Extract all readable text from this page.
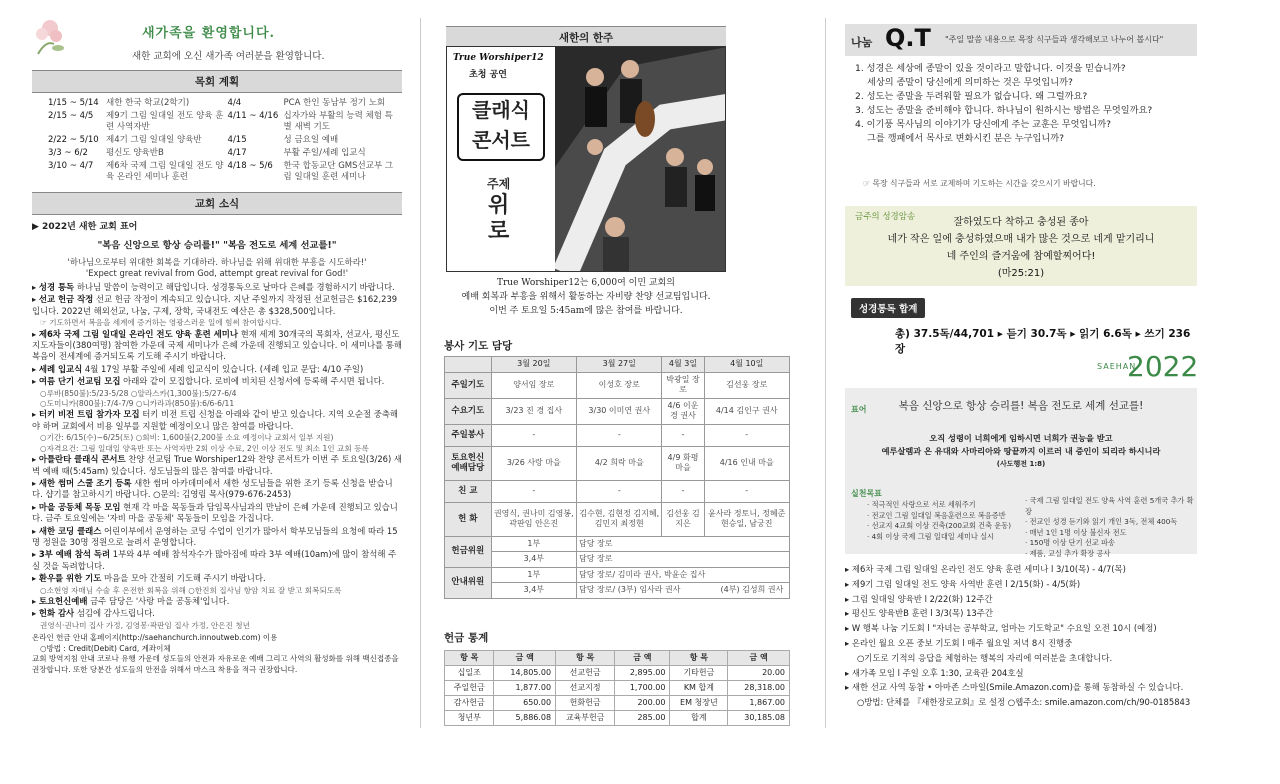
새가족을 환영합니다.
새한 교회에 오신 새가족 여러분을 환영합니다.
목회 계획
1/15 ~ 5/14	새한 한국 학교(2학기)	4/4	PCA 한인 동남부 정기 노회
2/15 ~ 4/5	제9기 그림 일대일 전도 양육 훈련 사역자반	4/11 ~ 4/16	십자가와 부활의 능력 체험 특별 새벽 기도
2/22 ~ 5/10	제4기 그림 일대일 양육반	4/15	성 금요일 예배
3/3 ~ 6/2	평신도 양육반B	4/17	부활 주일/세례 입교식
3/10 ~ 4/7	제6차 국제 그림 일대일 전도 양육 온라인 세미나 훈련	4/18 ~ 5/6	한국 합동교단 GMS선교부 그림 일대일 훈련 세미나
교회 소식
▶ 2022년 새한 교회 표어
"복음 신앙으로 항상 승리를!" "복음 전도로 세계 선교를!"
'하나님으로부터 위대한 회복을 기대하라. 하나님을 위해 위대한 부흥을 시도하라!'
'Expect great revival from God, attempt great revival for God!'
▸ 성경 통독 하나님 말씀이 능력이고 해답입니다. 성경통독으로 날마다 은혜를 경험하시기 바랍니다.
▸ 선교 헌금 작정 선교 헌금 작정이 계속되고 있습니다. 지난 주일까지 작정된 선교헌금은 $162,239 입니다. 2022년 해외선교, 나눔, 구제, 장학, 국내전도 예산은 총 $328,500입니다.
☞ 기도하면서 복음을 세계에 증거하는 영광스러운 일에 힘써 참여합시다.
▸ 제6차 국제 그림 일대일 온라인 전도 양육 훈련 세미나 현재 세계 30개국의 목회자, 선교사, 평신도 지도자들이(380여명) 참여한 가운데 국제 세미나가 은혜 가운데 진행되고 있습니다. 이 세미나를 통해 복음이 전세계에 증거되도록 기도해 주시기 바랍니다.
▸ 세례 입교식 4월 17일 부활 주일에 세례 입교식이 있습니다. (세례 입교 문답: 4/10 주일)
▸ 여름 단기 선교팀 모집 아래와 같이 모집합니다. 로비에 비치된 신청서에 등록해 주시면 됩니다.
○루바(850불):5/23-5/28 ○알라스카(1,300불):5/27-6/4
○도미니카(800불):7/4-7/9 ○니카라과(850불):6/6-6/11
▸ 터키 비전 트립 참가자 모집 터키 비전 트립 신청을 아래와 같이 받고 있습니다. 지역 오순절 중축해야 하며 교회에서 비용 일부를 지원할 예정이오니 많은 참여를 바랍니다.
○기간: 6/15(수)~6/25(토) ○회비: 1,600불(2,200불 소요 예정이나 교회서 일부 지원)
○자격요건: 그림 일대일 양육반 또는 사역자반 2회 이상 수료, 2인 이상 전도 및 최소 1인 교회 등록
▸ 아틀란타 클래식 콘서트 찬양 선교팀 True Worshiper12와 찬양 콘서트가 이번 주 토요일(3/26) 새벽 예배 때(5:45am) 있습니다. 성도님들의 많은 참여를 바랍니다.
▸ 새한 썸머 스쿨 조기 등록 새한 썸머 아카데미에서 새한 성도님들을 위한 조기 등록 신청을 받습니다. 샵기를 참고하시기 바랍니다. ○문의: 김영림 목사(979-676-2453)
▸ 마을 공동체 목동 모임 현재 각 마을 목동들과 담임목사님과의 만남이 은혜 가운데 진행되고 있습니다. 금주 토요일에는 '자비 마을 공동체' 목동들이 모임을 가집니다.
▸ 새한 코딩 클래스 어린이부에서 운영하는 코딩 수업이 인기가 많아서 학부모님들의 요청에 따라 15명 정원을 30명 정원으로 늘려서 운영합니다.
▸ 3부 예배 참석 독려 1부와 4부 예배 참석자수가 많아짐에 따라 3부 예배(10am)에 많이 참석해 주실 것을 독려합니다.
▸ 환우를 위한 기도 마음을 모아 간절히 기도해 주시기 바랍니다.
○소현영 자매님 수술 후 온전한 회복을 위해 ○한진희 집사님 항암 치료 잘 받고 회복되도록
▸ 토요헌신예배 금주 담당은 '사랑 마을 공동체'입니다.
▸ 헌화 감사 섬김에 감사드립니다.
권영식·권나미 집사 가정, 김영봉·곽판임 집사 가정, 안은진 청년
온라인 헌금 안내 홈페이지(http://saehanchurch.innoutweb.com) 이용
○방법 : Credit(Debit) Card, 계좌이체
교회 방역지침 안내 코로나 유행 가운데 성도들의 안전과 자유로운 예배 그리고 사역의 활성화를 위해 백신접종을 권장합니다. 또한 당분간 성도들의 안전을 위해서 마스크 착용을 적극 권장합니다.
새한의 한주
True Worshiper12
초청 공연
클래식 콘서트
주제
위
로
True Worshiper12는 6,000여 이민 교회의
예배 회복과 부흥을 위해서 활동하는 자비량 찬양 선교팀입니다.
이번 주 토요일 5:45am에 많은 참여를 바랍니다.
봉사 기도 담당
	3월 20일	3월 27일	4월 3일	4월 10일
주일기도	양서임 장로	이성호 장로	박광일 장로	김선웅 장로
수요기도	3/23 진 경 집사	3/30 이미연 권사	4/6 이운경 권사	4/14 김인구 권사
주일봉사	-	-	-	-
토요헌신 예배담당	3/26 사랑 마을	4/2 희락 마을	4/9 화평 마을	4/16 인내 마을
친 교	-	-	-	-
헌 화	권영식, 권나미 김영봉, 곽판임 안은진	김수현, 김현정 김지혜, 김민지 최정현	김선웅 김지은	윤사라 정토니, 정혜준 현승일, 남궁진
헌금위원	1부	담당 장로		
	3,4부	담당 장로		
안내위원	1부	담당 장로/ 김미라 권사, 박윤순 집사		
	3,4부	담당 장로/ (3부) 임사라 권사 (4부) 김성희 권사		
헌금 통계
항 목	금 액	항 목	금 액	항 목	금 액
십일조	14,805.00	선교헌금	2,895.00	기타헌금	20.00
주일헌금	1,877.00	선교지정	1,700.00	KM 합계	28,318.00
감사헌금	650.00	헌화헌금	200.00	EM 청장년	1,867.00
청년부	5,886.08	교육부헌금	285.00	합계	30,185.08
나눔 Q.T "주일 말씀 내용으로 목장 식구들과 생각해보고 나누어 봅시다"
1. 성경은 세상에 종말이 있을 것이라고 말합니다. 이것을 믿습니까?
세상의 종말이 당신에게 의미하는 것은 무엇입니까?
2. 성도는 종말을 두려워할 필요가 없습니다. 왜 그럴까요?
3. 성도는 종말을 준비해야 합니다. 하나님이 원하시는 방법은 무엇일까요?
4. 이기풍 목사님의 이야기가 당신에게 주는 교훈은 무엇입니까?
그를 깽패에서 목사로 변화시킨 분은 누구입니까?
☞ 목장 식구들과 서로 교제하며 기도하는 시간을 갖으시기 바랍니다.
금주의 성경암송	잘하였도다 착하고 충성된 종아
네가 작은 일에 충성하였으매 내가 많은 것으로 네게 맡기리니
네 주인의 즐거움에 참예할찌어다!
(마25:21)
성경통독 합계
총) 37.5독/44,701 ▸ 듣기 30.7독 ▸ 읽기 6.6독 ▸ 쓰기 236장
SAEHAN
2022
표어	복음 신앙으로 항상 승리를! 복음 전도로 세계 선교를!
오직 성령이 너희에게 임하시면 너희가 권능을 받고
예루살렘과 온 유대와 사마리아와 땅끝까지 이르러 내 증인이 되리라 하시니라
(사도행전 1:8)
실천목표
· 적극적인 사랑으로 서로 세워주기
· 전교인 그림 일대일 복음훈련으로 복음증반
· 선교지 4교회 이상 건축(200교회 건축 운동)
· 4회 이상 국제 그림 일대일 세미나 실시
· 국제 그림 일대일 전도 양육 사역 훈련 5개국 추가 확장
· 전교인 성경 듣기와 읽기 개인 3독, 전체 400독
· 매년 1인 1명 이상 불신자 전도
· 150명 이상 단기 선교 파송
· 제품, 교실 추가 확장 공사
▸ 제6차 국제 그림 일대일 온라인 전도 양육 훈련 세미나 l 3/10(목) - 4/7(목)
▸ 제9기 그림 일대일 전도 양육 사역반 훈련 l 2/15(화) - 4/5(화)
▸ 그림 일대일 양육반 l 2/22(화) 12주간
▸ 평신도 양육반B 훈련 l 3/3(목) 13주간
▸ W 행복 나눔 기도회 l "자녀는 공부학교, 엄마는 기도학교" 수요일 오전 10시 (예정)
▸ 온라인 월요 오픈 중보 기도회 l 매주 월요일 저녁 8시 진행중
○기도로 기적의 응답을 체험하는 행복의 자리에 여러분을 초대합니다.
▸ 새가족 모임 l 주일 오후 1:30, 교육관 204호실
▸ 새한 선교 사역 동참 • 아마존 스마일(Smile.Amazon.com)을 통해 동참하실 수 있습니다.
○방법: 단체를 『새한장로교회』로 설정 ○웹주소: smile.amazon.com/ch/90-0185843
